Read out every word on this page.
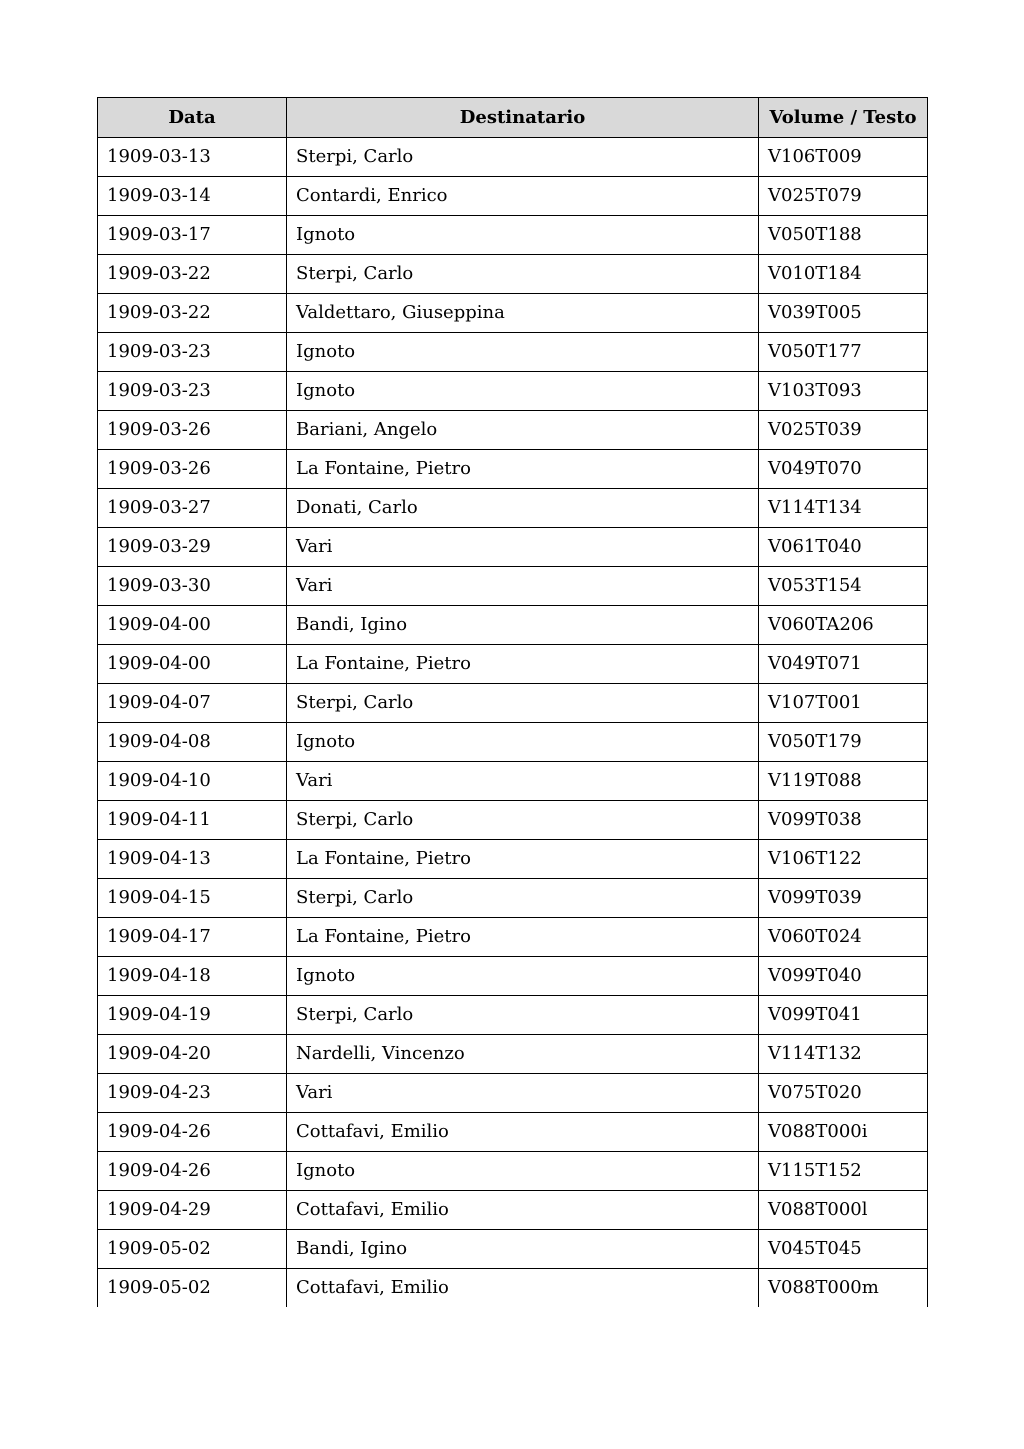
Data	Destinatario	Volume / Testo
1909-03-13	Sterpi, Carlo	V106T009
1909-03-14	Contardi, Enrico	V025T079
1909-03-17	Ignoto	V050T188
1909-03-22	Sterpi, Carlo	V010T184
1909-03-22	Valdettaro, Giuseppina	V039T005
1909-03-23	Ignoto	V050T177
1909-03-23	Ignoto	V103T093
1909-03-26	Bariani, Angelo	V025T039
1909-03-26	La Fontaine, Pietro	V049T070
1909-03-27	Donati, Carlo	V114T134
1909-03-29	Vari	V061T040
1909-03-30	Vari	V053T154
1909-04-00	Bandi, Igino	V060TA206
1909-04-00	La Fontaine, Pietro	V049T071
1909-04-07	Sterpi, Carlo	V107T001
1909-04-08	Ignoto	V050T179
1909-04-10	Vari	V119T088
1909-04-11	Sterpi, Carlo	V099T038
1909-04-13	La Fontaine, Pietro	V106T122
1909-04-15	Sterpi, Carlo	V099T039
1909-04-17	La Fontaine, Pietro	V060T024
1909-04-18	Ignoto	V099T040
1909-04-19	Sterpi, Carlo	V099T041
1909-04-20	Nardelli, Vincenzo	V114T132
1909-04-23	Vari	V075T020
1909-04-26	Cottafavi, Emilio	V088T000i
1909-04-26	Ignoto	V115T152
1909-04-29	Cottafavi, Emilio	V088T000l
1909-05-02	Bandi, Igino	V045T045
1909-05-02	Cottafavi, Emilio	V088T000m
